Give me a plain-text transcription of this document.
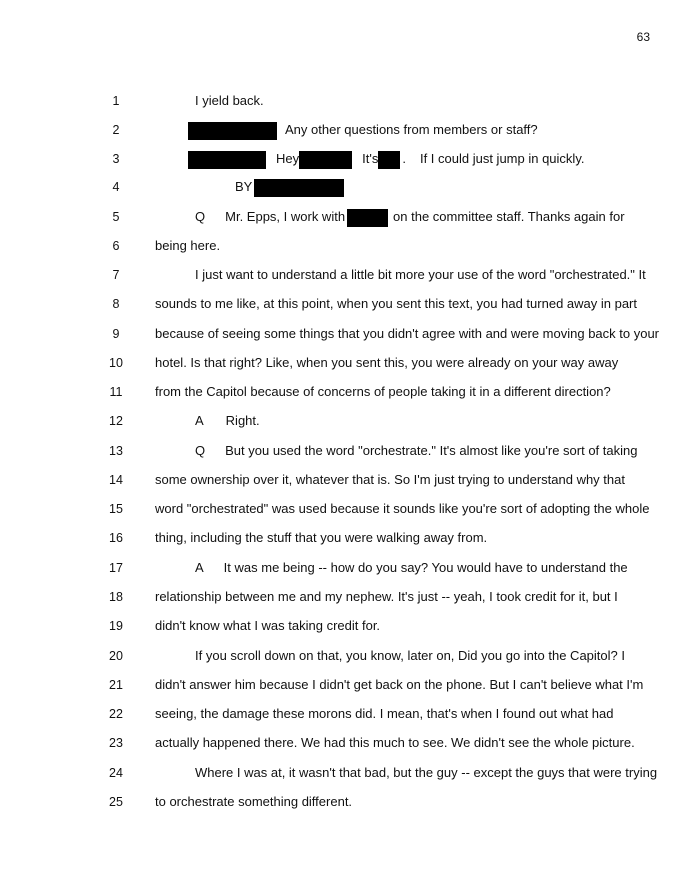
63
1	I yield back.
2	Any other questions from members or staff?
3	Hey	It's . If I could just jump in quickly.
4	BY
5	Q Mr. Epps, I work with	on the committee staff. Thanks again for
6	being here.
7	I just want to understand a little bit more your use of the word "orchestrated." It
8	sounds to me like, at this point, when you sent this text, you had turned away in part
9	because of seeing some things that you didn't agree with and were moving back to your
10	hotel. Is that right? Like, when you sent this, you were already on your way away
11	from the Capitol because of concerns of people taking it in a different direction?
12	A Right.
13	Q But you used the word "orchestrate." It's almost like you're sort of taking
14	some ownership over it, whatever that is. So I'm just trying to understand why that
15	word "orchestrated" was used because it sounds like you're sort of adopting the whole
16	thing, including the stuff that you were walking away from.
17	A It was me being -- how do you say? You would have to understand the
18	relationship between me and my nephew. It's just -- yeah, I took credit for it, but I
19	didn't know what I was taking credit for.
20	If you scroll down on that, you know, later on, Did you go into the Capitol? I
21	didn't answer him because I didn't get back on the phone. But I can't believe what I'm
22	seeing, the damage these morons did. I mean, that's when I found out what had
23	actually happened there. We had this much to see. We didn't see the whole picture.
24	Where I was at, it wasn't that bad, but the guy -- except the guys that were trying
25	to orchestrate something different.
